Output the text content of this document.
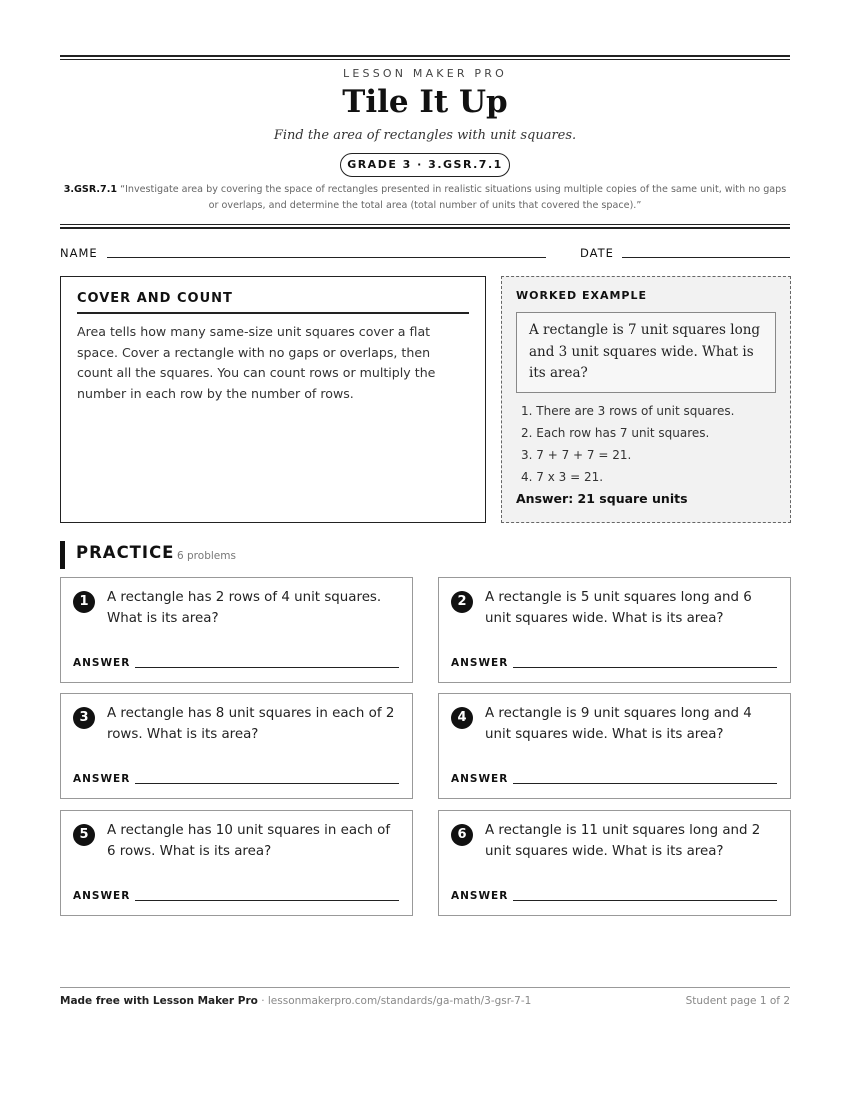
LESSON MAKER PRO
Tile It Up
Find the area of rectangles with unit squares.
GRADE 3 · 3.GSR.7.1
3.GSR.7.1 “Investigate area by covering the space of rectangles presented in realistic situations using multiple copies of the same unit, with no gaps or overlaps, and determine the total area (total number of units that covered the space).”
NAME	DATE
COVER AND COUNT

Area tells how many same-size unit squares cover a flat space. Cover a rectangle with no gaps or overlaps, then count all the squares. You can count rows or multiply the number in each row by the number of rows.

WORKED EXAMPLE
A rectangle is 7 unit squares long and 3 unit squares wide. What is its area?
1. There are 3 rows of unit squares.
2. Each row has 7 unit squares.
3. 7 + 7 + 7 = 21.
4. 7 x 3 = 21.
Answer: 21 square units
PRACTICE 6 problems
1	A rectangle has 2 rows of 4 unit squares. What is its area?
ANSWER
2	A rectangle is 5 unit squares long and 6 unit squares wide. What is its area?
ANSWER
3	A rectangle has 8 unit squares in each of 2 rows. What is its area?
ANSWER
4	A rectangle is 9 unit squares long and 4 unit squares wide. What is its area?
ANSWER
5	A rectangle has 10 unit squares in each of 6 rows. What is its area?
ANSWER
6	A rectangle is 11 unit squares long and 2 unit squares wide. What is its area?
ANSWER
Made free with Lesson Maker Pro · lessonmakerpro.com/standards/ga-math/3-gsr-7-1	Student page 1 of 2
